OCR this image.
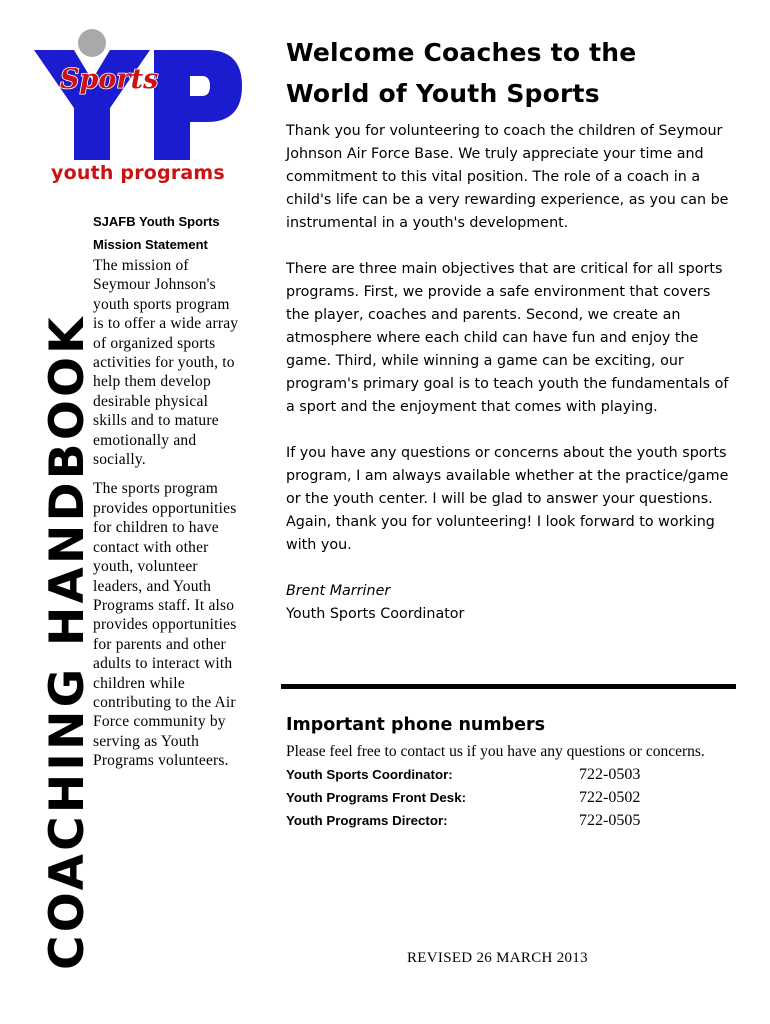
Sports
youth programs
COACHING HANDBOOK
SJAFB Youth Sports
Mission Statement

The mission of Seymour Johnson's youth sports program is to offer a wide array of organized sports activities for youth, to help them develop desirable physical skills and to mature emotionally and socially.

The sports program provides opportunities for children to have contact with other youth, volunteer leaders, and Youth Programs staff. It also provides opportunities for parents and other adults to interact with children while contributing to the Air Force community by serving as Youth Programs volunteers.

Welcome Coaches to the
World of Youth Sports

Thank you for volunteering to coach the children of Seymour Johnson Air Force Base. We truly appreciate your time and commitment to this vital position. The role of a coach in a child's life can be a very rewarding experience, as you can be instrumental in a youth's development.

There are three main objectives that are critical for all sports programs. First, we provide a safe environment that covers the player, coaches and parents. Second, we create an atmosphere where each child can have fun and enjoy the game. Third, while winning a game can be exciting, our program's primary goal is to teach youth the fundamentals of a sport and the enjoyment that comes with playing.

If you have any questions or concerns about the youth sports program, I am always available whether at the practice/game or the youth center. I will be glad to answer your questions. Again, thank you for volunteering! I look forward to working with you.

Brent Marriner
Youth Sports Coordinator
Important phone numbers

Please feel free to contact us if you have any questions or concerns.

Youth Sports Coordinator:	722-0503
Youth Programs Front Desk:	722-0502
Youth Programs Director:	722-0505
REVISED 26 MARCH 2013
